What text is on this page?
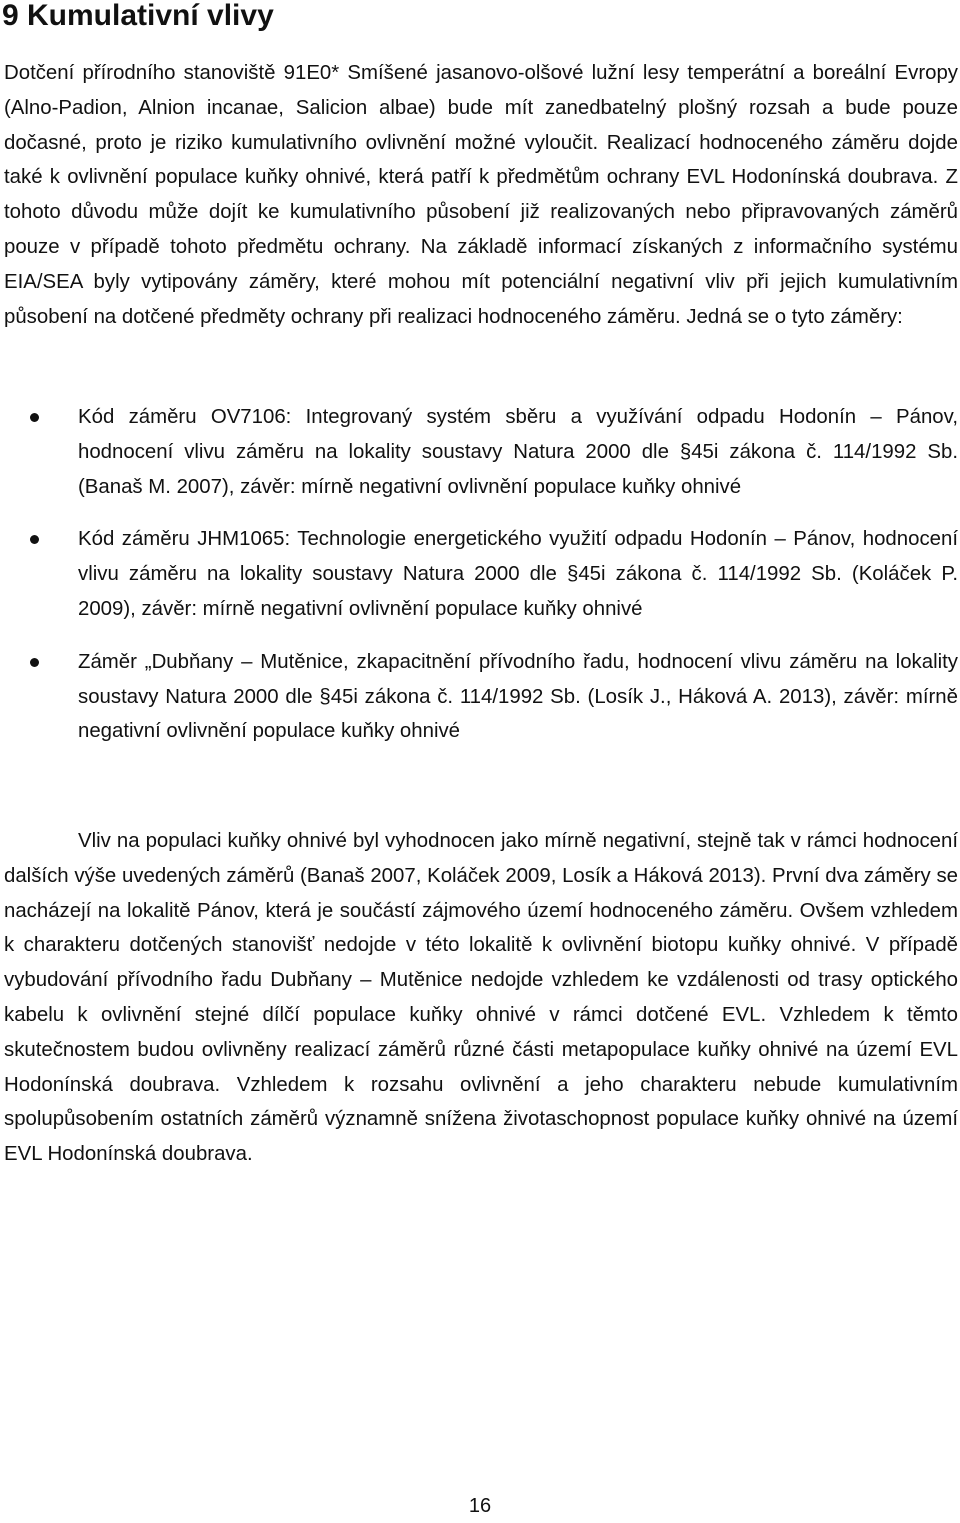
9 Kumulativní vlivy

Dotčení přírodního stanoviště 91E0* Smíšené jasanovo-olšové lužní lesy temperátní a boreální Evropy (Alno-Padion, Alnion incanae, Salicion albae) bude mít zanedbatelný plošný rozsah a bude pouze dočasné, proto je riziko kumulativního ovlivnění možné vyloučit. Realizací hodnoceného záměru dojde také k ovlivnění populace kuňky ohnivé, která patří k předmětům ochrany EVL Hodonínská doubrava. Z tohoto důvodu může dojít ke kumulativního působení již realizovaných nebo připravovaných záměrů pouze v případě tohoto předmětu ochrany. Na základě informací získaných z informačního systému EIA/SEA byly vytipovány záměry, které mohou mít potenciální negativní vliv při jejich kumulativním působení na dotčené předměty ochrany při realizaci hodnoceného záměru. Jedná se o tyto záměry:

Kód záměru OV7106: Integrovaný systém sběru a využívání odpadu Hodonín – Pánov, hodnocení vlivu záměru na lokality soustavy Natura 2000 dle §45i zákona č. 114/1992 Sb. (Banaš M. 2007), závěr: mírně negativní ovlivnění populace kuňky ohnivé
Kód záměru JHM1065: Technologie energetického využití odpadu Hodonín – Pánov, hodnocení vlivu záměru na lokality soustavy Natura 2000 dle §45i zákona č. 114/1992 Sb. (Koláček P. 2009), závěr: mírně negativní ovlivnění populace kuňky ohnivé
Záměr „Dubňany – Mutěnice, zkapacitnění přívodního řadu, hodnocení vlivu záměru na lokality soustavy Natura 2000 dle §45i zákona č. 114/1992 Sb. (Losík J., Háková A. 2013), závěr: mírně negativní ovlivnění populace kuňky ohnivé

Vliv na populaci kuňky ohnivé byl vyhodnocen jako mírně negativní, stejně tak v rámci hodnocení dalších výše uvedených záměrů (Banaš 2007, Koláček 2009, Losík a Háková 2013). První dva záměry se nacházejí na lokalitě Pánov, která je součástí zájmového území hodnoceného záměru. Ovšem vzhledem k charakteru dotčených stanovišť nedojde v této lokalitě k ovlivnění biotopu kuňky ohnivé. V případě vybudování přívodního řadu Dubňany – Mutěnice nedojde vzhledem ke vzdálenosti od trasy optického kabelu k ovlivnění stejné dílčí populace kuňky ohnivé v rámci dotčené EVL. Vzhledem k těmto skutečnostem budou ovlivněny realizací záměrů různé části metapopulace kuňky ohnivé na území EVL Hodonínská doubrava. Vzhledem k rozsahu ovlivnění a jeho charakteru nebude kumulativním spolupůsobením ostatních záměrů významně snížena životaschopnost populace kuňky ohnivé na území EVL Hodonínská doubrava.

16
